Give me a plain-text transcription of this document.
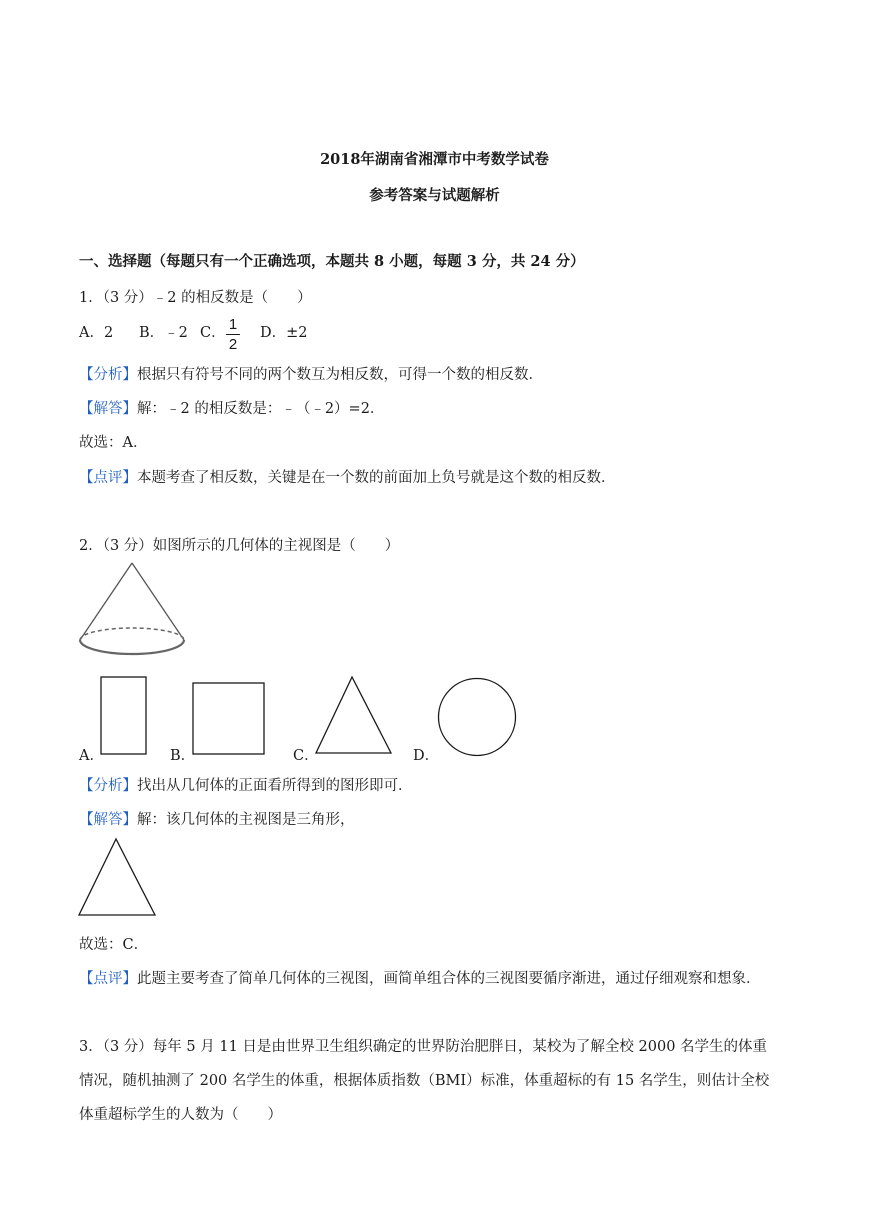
2018年湖南省湘潭市中考数学试卷
参考答案与试题解析
一、选择题（每题只有一个正确选项，本题共 8 小题，每题 3 分，共 24 分）
1．（3 分）﹣2 的相反数是（　　）
A．2 B．﹣2 C． 1
2
D．±2
【分析】根据只有符号不同的两个数互为相反数，可得一个数的相反数．
【解答】解：﹣2 的相反数是：﹣（﹣2）=2．
故选：A．
【点评】本题考查了相反数，关键是在一个数的前面加上负号就是这个数的相反数．
2．（3 分）如图所示的几何体的主视图是（　　）
A．	B．	C．	D．
【分析】找出从几何体的正面看所得到的图形即可．
【解答】解：该几何体的主视图是三角形，
故选：C．
【点评】此题主要考查了简单几何体的三视图，画简单组合体的三视图要循序渐进，通过仔细观察和想象．
3．（3 分）每年 5 月 11 日是由世界卫生组织确定的世界防治肥胖日，某校为了解全校 2000 名学生的体重
情况，随机抽测了 200 名学生的体重，根据体质指数（BMI）标准，体重超标的有 15 名学生，则估计全校
体重超标学生的人数为（　　）
